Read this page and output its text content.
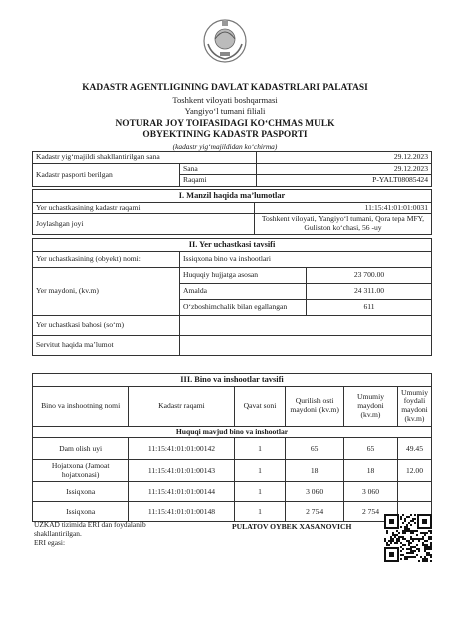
KADASTR AGENTLIGINING DAVLAT KADASTRLARI PALATASI
Toshkent viloyati boshqarmasi
Yangiyo‘l tumani filiali
NOTURAR JOY TOIFASIDAGI KO‘CHMAS MULK
OBYEKTINING KADASTR PASPORTI
(kadastr yig‘majildidan ko‘chirma)
Kadastr yig‘majildi shakllantirilgan sana		29.12.2023
Kadastr pasporti berilgan	Sana	29.12.2023
	Raqami	P-YALT08085424
I. Manzil haqida ma’lumotlar	
Yer uchastkasining kadastr raqami	11:15:41:01:01:0031
Joylashgan joyi	Toshkent viloyati, Yangiyo‘l tumani, Qora tepa MFY,
Guliston ko‘chasi, 56 -uy
II. Yer uchastkasi tavsifi		
Yer uchastkasining (obyekt) nomi:	Issiqxona bino va inshootlari	
Yer maydoni, (kv.m)	Huquqiy hujjatga asosan	23 700.00
	Amalda	24 311.00
	O‘zboshimchalik bilan egallangan	611
Yer uchastkasi bahosi (so‘m)		
Servitut haqida ma’lumot		
III. Bino va inshootlar tavsifi					
Bino va inshootning nomi	Kadastr raqami	Qavat soni	Qurilish osti maydoni (kv.m)	Umumiy maydoni (kv.m)	Umumiy foydali maydoni (kv.m)
Huquqi mavjud bino va inshootlar					
Dam olish uyi	11:15:41:01:01:00142	1	65	65	49.45
Hojatxona (Jamoat hojatxonasi)	11:15:41:01:01:00143	1	18	18	12.00
Issiqxona	11:15:41:01:01:00144	1	3 060	3 060	
Issiqxona	11:15:41:01:01:00148	1	2 754	2 754	
UZKAD tizimida ERI dan foydalanib
shakllantirilgan.
ERI egasi:
PULATOV OYBEK XASANOVICH
